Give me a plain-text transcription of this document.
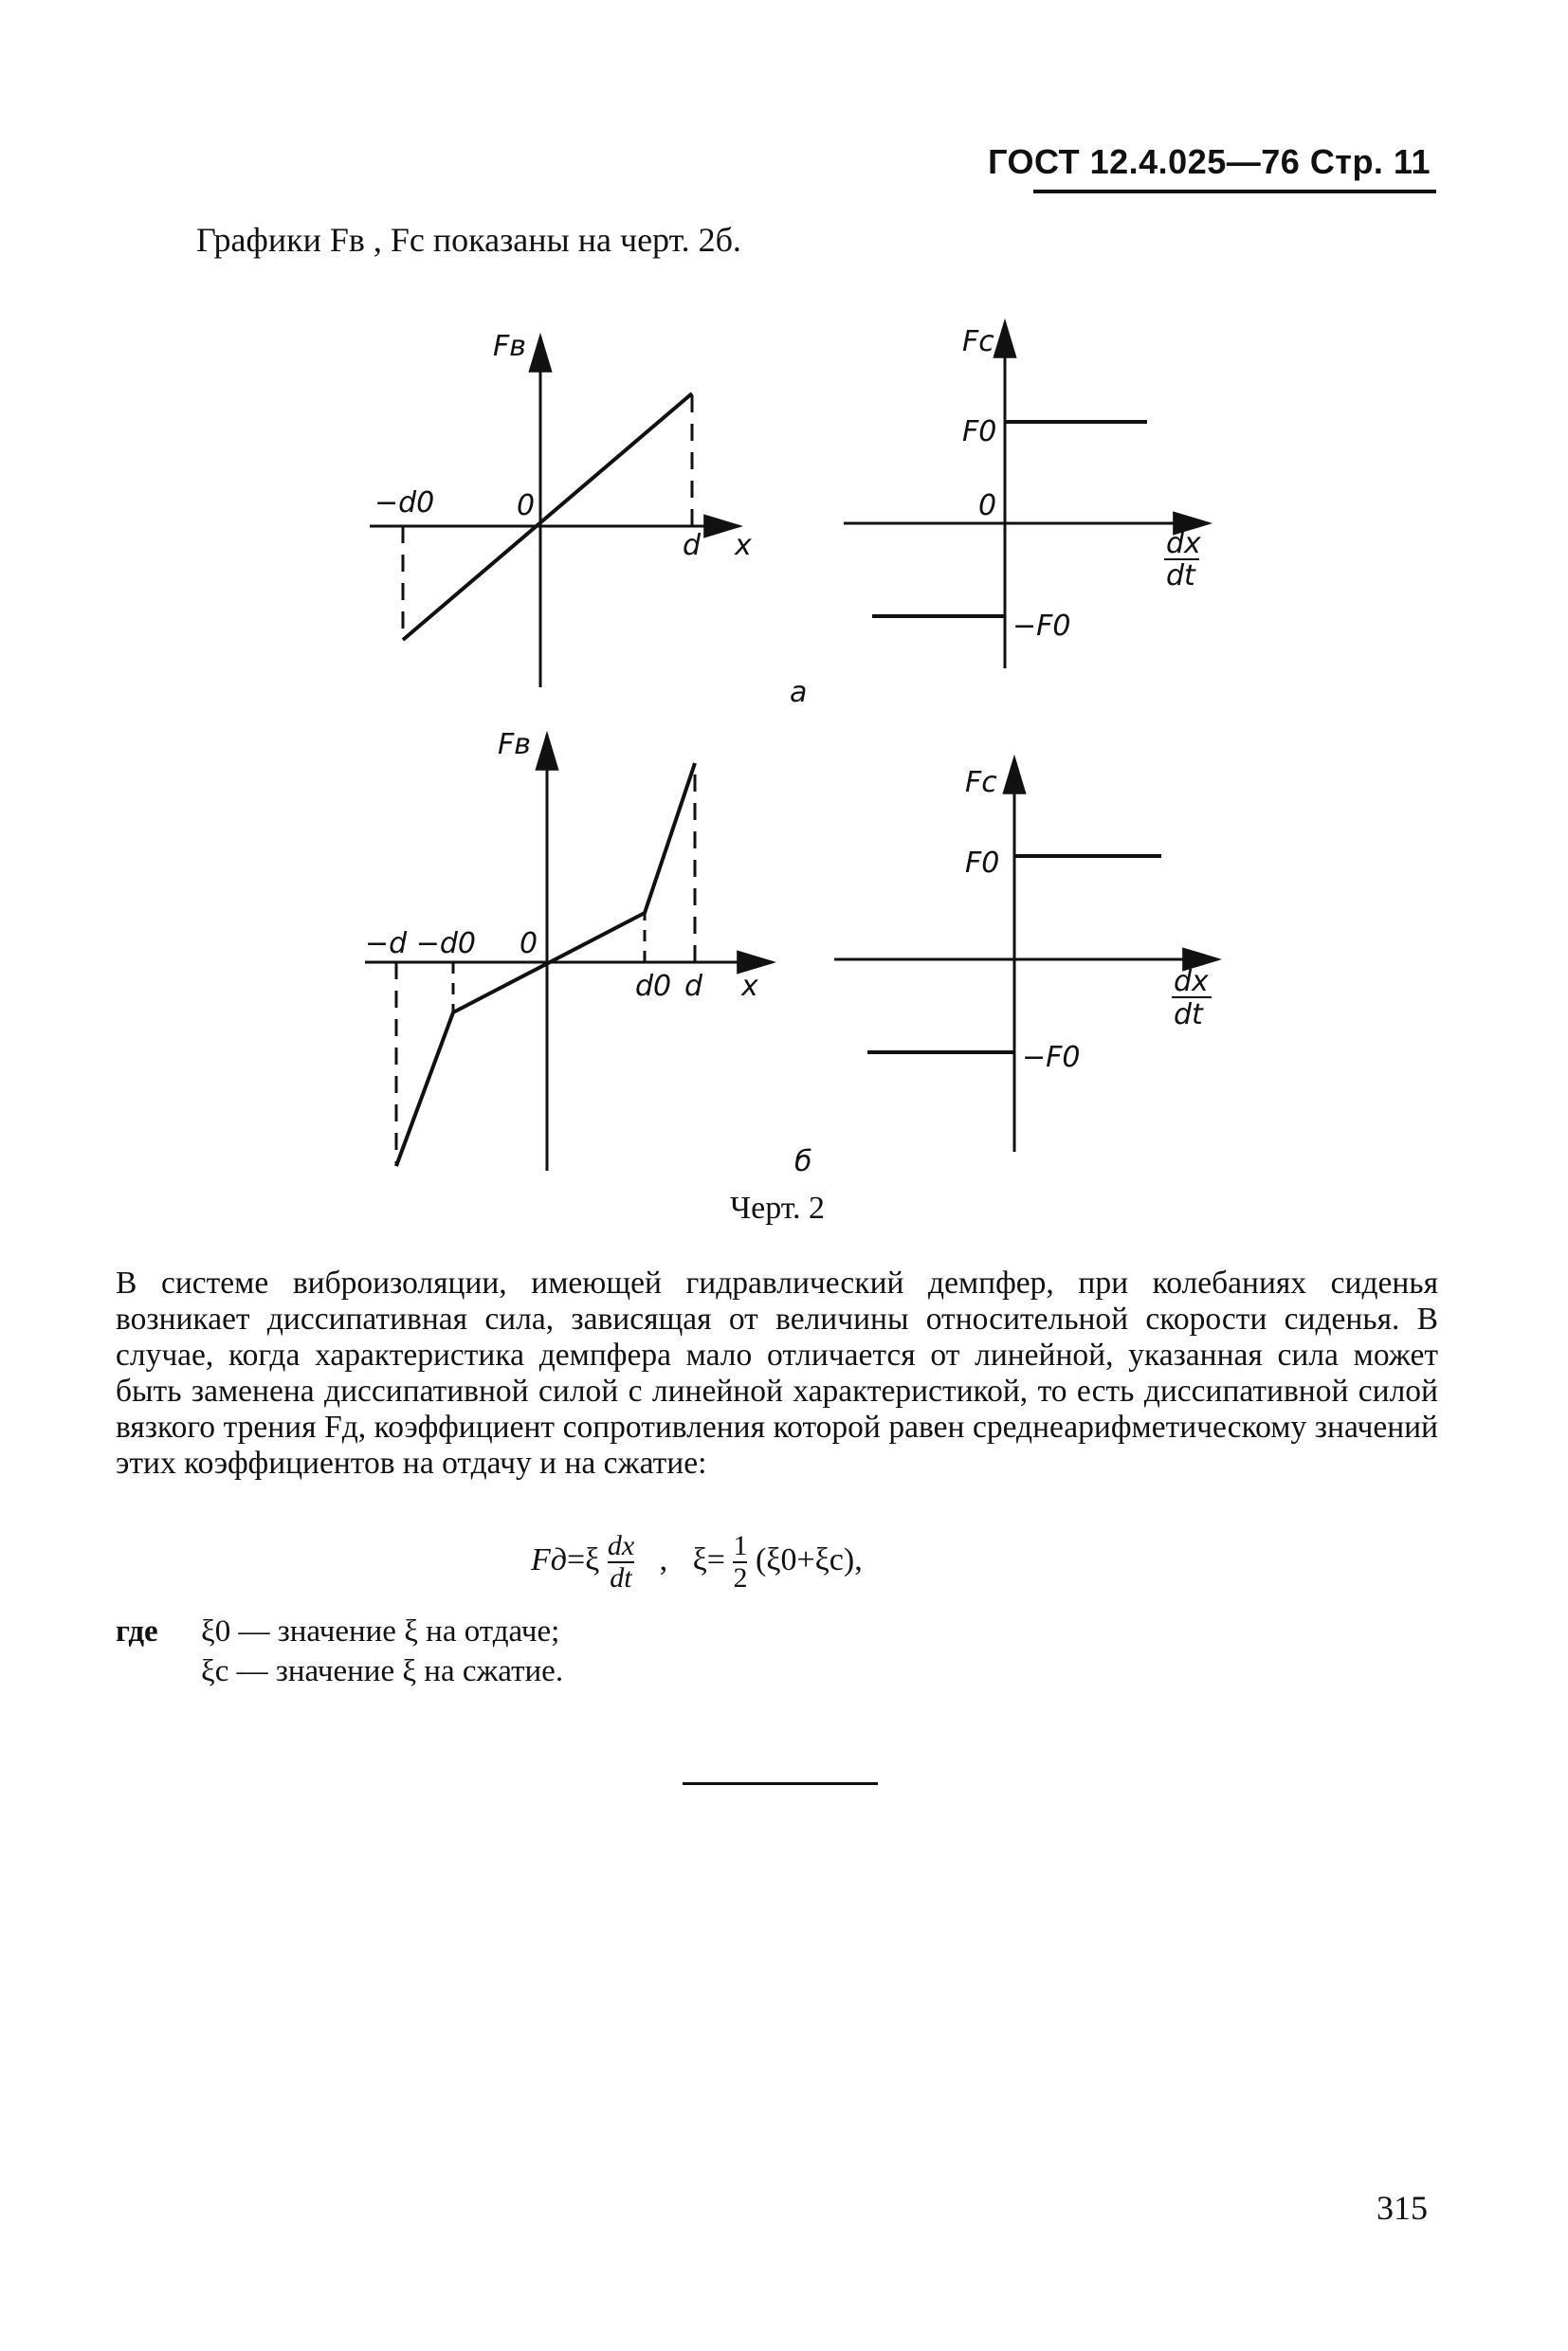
ГОСТ 12.4.025—76 Стр. 11
Графики Fв , Fс показаны на черт. 2б.
Fв
−d0	0
d x
Fc
F0
0
−F0
dx
dt
a
Fв
−d −d0 0
d0 d x
Fc
F0
−F0
dx
dt
б
Черт. 2
В системе виброизоляции, имеющей гидравлический демпфер, при колебаниях сиденья возникает диссипативная сила, зависящая от величины относительной скорости сиденья. В случае, когда характеристика демпфера мало отличается от линейной, указанная сила может быть заменена диссипативной силой с линейной характеристикой, то есть диссипативной силой вязкого трения Fд, коэффициент сопротивления которой равен среднеарифметическому значений этих коэффициентов на отдачу и на сжатие:
$Fд=\xi \frac{dx}{dt}$ , $\xi= \frac{1}{2} (\xi 0+\xi c)$,
где	ξ0 — значение ξ на отдаче;
ξc — значение ξ на сжатие.
315
